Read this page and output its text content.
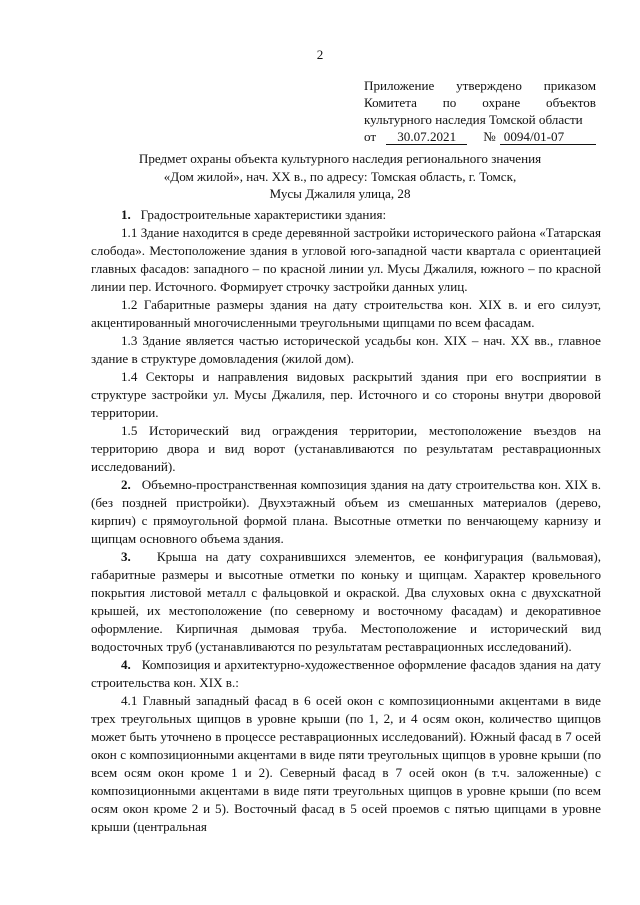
2
Приложение утверждено приказом
Комитета по охране объектов
культурного наследия Томской области
от	30.07.2021	№ 0094/01-07
Предмет охраны объекта культурного наследия регионального значения
«Дом жилой», нач. XX в., по адресу: Томская область, г. Томск,
Мусы Джалиля улица, 28

1. Градостроительные характеристики здания:

1.1 Здание находится в среде деревянной застройки исторического района «Татарская слобода». Местоположение здания в угловой юго-западной части квартала с ориентацией главных фасадов: западного – по красной линии ул. Мусы Джалиля, южного – по красной линии пер. Источного. Формирует строчку застройки данных улиц.

1.2 Габаритные размеры здания на дату строительства кон. XIX в. и его силуэт, акцентированный многочисленными треугольными щипцами по всем фасадам.

1.3 Здание является частью исторической усадьбы кон. XIX – нач. XX вв., главное здание в структуре домовладения (жилой дом).

1.4 Секторы и направления видовых раскрытий здания при его восприятии в структуре застройки ул. Мусы Джалиля, пер. Источного и со стороны внутри дворовой территории.

1.5 Исторический вид ограждения территории, местоположение въездов на территорию двора и вид ворот (устанавливаются по результатам реставрационных исследований).

2. Объемно-пространственная композиция здания на дату строительства кон. XIX в. (без поздней пристройки). Двухэтажный объем из смешанных материалов (дерево, кирпич) с прямоугольной формой плана. Высотные отметки по венчающему карнизу и щипцам основного объема здания.

3. Крыша на дату сохранившихся элементов, ее конфигурация (вальмовая), габаритные размеры и высотные отметки по коньку и щипцам. Характер кровельного покрытия листовой металл с фальцовкой и окраской. Два слуховых окна с двухскатной крышей, их местоположение (по северному и восточному фасадам) и декоративное оформление. Кирпичная дымовая труба. Местоположение и исторический вид водосточных труб (устанавливаются по результатам реставрационных исследований).

4. Композиция и архитектурно-художественное оформление фасадов здания на дату строительства кон. XIX в.:

4.1 Главный западный фасад в 6 осей окон с композиционными акцентами в виде трех треугольных щипцов в уровне крыши (по 1, 2, и 4 осям окон, количество щипцов может быть уточнено в процессе реставрационных исследований). Южный фасад в 7 осей окон с композиционными акцентами в виде пяти треугольных щипцов в уровне крыши (по всем осям окон кроме 1 и 2). Северный фасад в 7 осей окон (в т.ч. заложенные) с композиционными акцентами в виде пяти треугольных щипцов в уровне крыши (по всем осям окон кроме 2 и 5). Восточный фасад в 5 осей проемов с пятью щипцами в уровне крыши (центральная
